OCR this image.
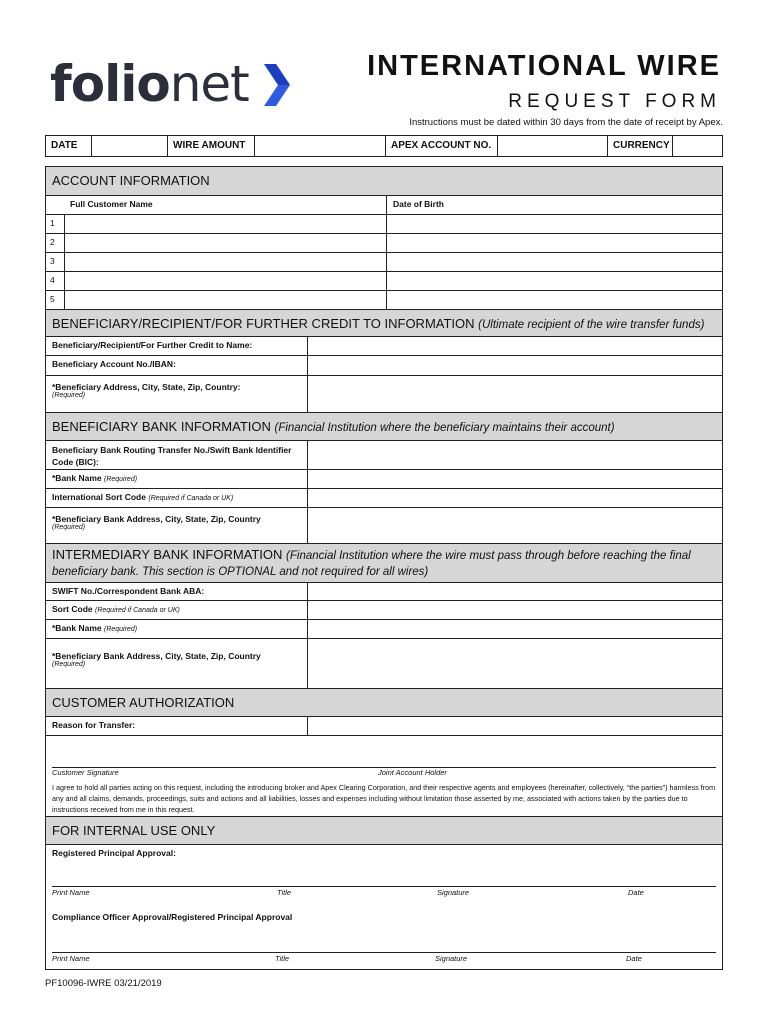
folionet	INTERNATIONAL WIRE
REQUEST FORM
Instructions must be dated within 30 days from the date of receipt by Apex.
DATE	WIRE AMOUNT	APEX ACCOUNT NO.	CURRENCY
ACCOUNT INFORMATION
Full Customer Name	Date of Birth
1
2
3
4
5
BENEFICIARY/RECIPIENT/FOR FURTHER CREDIT TO INFORMATION (Ultimate recipient of the wire transfer funds)
Beneficiary/Recipient/For Further Credit to Name:
Beneficiary Account No./IBAN:
*Beneficiary Address, City, State, Zip, Country:
(Required)
BENEFICIARY BANK INFORMATION (Financial Institution where the beneficiary maintains their account)
Beneficiary Bank Routing Transfer No./Swift Bank Identifier Code (BIC):
*Bank Name (Required)
International Sort Code (Required if Canada or UK)
*Beneficiary Bank Address, City, State, Zip, Country
(Required)
INTERMEDIARY BANK INFORMATION (Financial Institution where the wire must pass through before reaching the final beneficiary bank. This section is OPTIONAL and not required for all wires)
SWIFT No./Correspondent Bank ABA:
Sort Code (Required if Canada or UK)
*Bank Name (Required)
*Beneficiary Bank Address, City, State, Zip, Country
(Required)
CUSTOMER AUTHORIZATION
Reason for Transfer:
Customer Signature	Joint Account Holder
I agree to hold all parties acting on this request, including the introducing broker and Apex Clearing Corporation, and their respective agents and employees (hereinafter, collectively, “the parties”) harmless from any and all claims, demands, proceedings, suits and actions and all liabilities, losses and expenses including without limitation those asserted by me, associated with actions taken by the parties due to instructions received from me in this request.
FOR INTERNAL USE ONLY
Registered Principal Approval:
Print Name	Title	Signature	Date
Compliance Officer Approval/Registered Principal Approval
Print Name	Title	Signature	Date
PF10096-IWRE 03/21/2019
